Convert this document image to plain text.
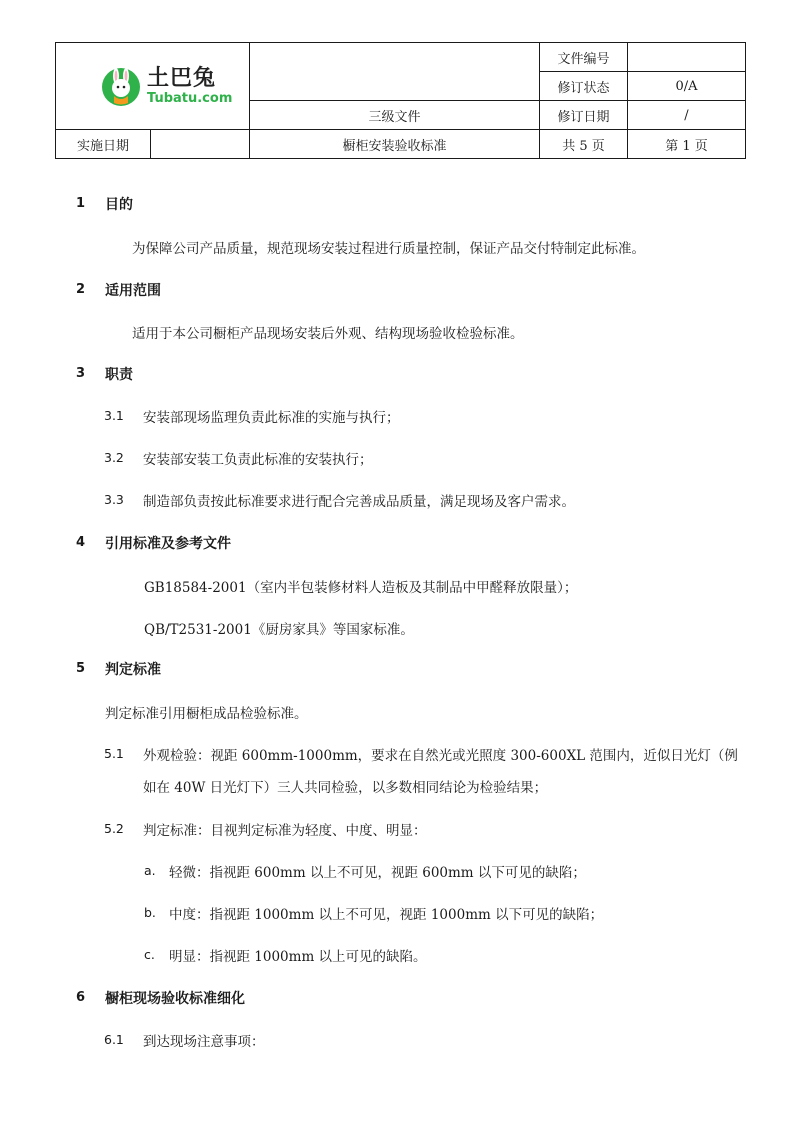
土巴兔
Tubatu.com			文件编号	
			修订状态	0/A
		三级文件	修订日期	/
实施日期		橱柜安装验收标准	共 5 页	第 1 页
1 目的
为保障公司产品质量，规范现场安装过程进行质量控制，保证产品交付特制定此标准。
2 适用范围
适用于本公司橱柜产品现场安装后外观、结构现场验收检验标准。
3 职责
3.1 安装部现场监理负责此标准的实施与执行；
3.2 安装部安装工负责此标准的安装执行；
3.3 制造部负责按此标准要求进行配合完善成品质量，满足现场及客户需求。
4 引用标准及参考文件
GB18584-2001（室内半包装修材料人造板及其制品中甲醛释放限量）；
QB/T2531-2001《厨房家具》等国家标准。
5 判定标准
判定标准引用橱柜成品检验标准。
5.1 外观检验：视距 600mm-1000mm，要求在自然光或光照度 300-600XL 范围内，近似日光灯（例
如在 40W 日光灯下）三人共同检验，以多数相同结论为检验结果；
5.2 判定标准：目视判定标准为轻度、中度、明显：
a. 轻微：指视距 600mm 以上不可见，视距 600mm 以下可见的缺陷；
b. 中度：指视距 1000mm 以上不可见，视距 1000mm 以下可见的缺陷；
c. 明显：指视距 1000mm 以上可见的缺陷。
6 橱柜现场验收标准细化
6.1 到达现场注意事项：
